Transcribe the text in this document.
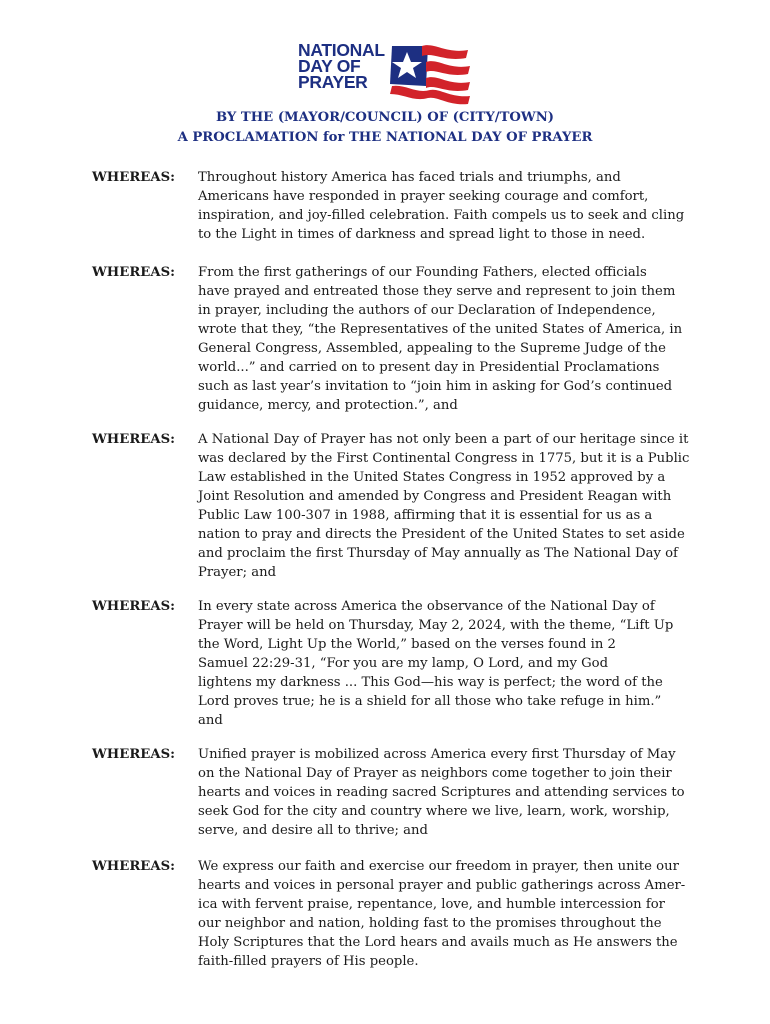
NATIONAL
DAY OF
PRAYER
BY THE (MAYOR/COUNCIL) OF (CITY/TOWN)
A PROCLAMATION for THE NATIONAL DAY OF PRAYER
WHEREAS: Throughout history America has faced trials and triumphs, and
Americans have responded in prayer seeking courage and comfort,
inspiration, and joy-filled celebration. Faith compels us to seek and cling
to the Light in times of darkness and spread light to those in need.
WHEREAS: From the first gatherings of our Founding Fathers, elected officials
have prayed and entreated those they serve and represent to join them
in prayer, including the authors of our Declaration of Independence,
wrote that they, “the Representatives of the united States of America, in
General Congress, Assembled, appealing to the Supreme Judge of the
world...” and carried on to present day in Presidential Proclamations
such as last year’s invitation to “join him in asking for God’s continued
guidance, mercy, and protection.”, and
WHEREAS: A National Day of Prayer has not only been a part of our heritage since it
was declared by the First Continental Congress in 1775, but it is a Public
Law established in the United States Congress in 1952 approved by a
Joint Resolution and amended by Congress and President Reagan with
Public Law 100-307 in 1988, affirming that it is essential for us as a
nation to pray and directs the President of the United States to set aside
and proclaim the first Thursday of May annually as The National Day of
Prayer; and
WHEREAS: In every state across America the observance of the National Day of
Prayer will be held on Thursday, May 2, 2024, with the theme, “Lift Up
the Word, Light Up the World,” based on the verses found in 2
Samuel 22:29-31, “For you are my lamp, O Lord, and my God
lightens my darkness ... This God—his way is perfect; the word of the
Lord proves true; he is a shield for all those who take refuge in him.”
and
WHEREAS: Unified prayer is mobilized across America every first Thursday of May
on the National Day of Prayer as neighbors come together to join their
hearts and voices in reading sacred Scriptures and attending services to
seek God for the city and country where we live, learn, work, worship,
serve, and desire all to thrive; and
WHEREAS: We express our faith and exercise our freedom in prayer, then unite our
hearts and voices in personal prayer and public gatherings across Amer-
ica with fervent praise, repentance, love, and humble intercession for
our neighbor and nation, holding fast to the promises throughout the
Holy Scriptures that the Lord hears and avails much as He answers the
faith-filled prayers of His people.
